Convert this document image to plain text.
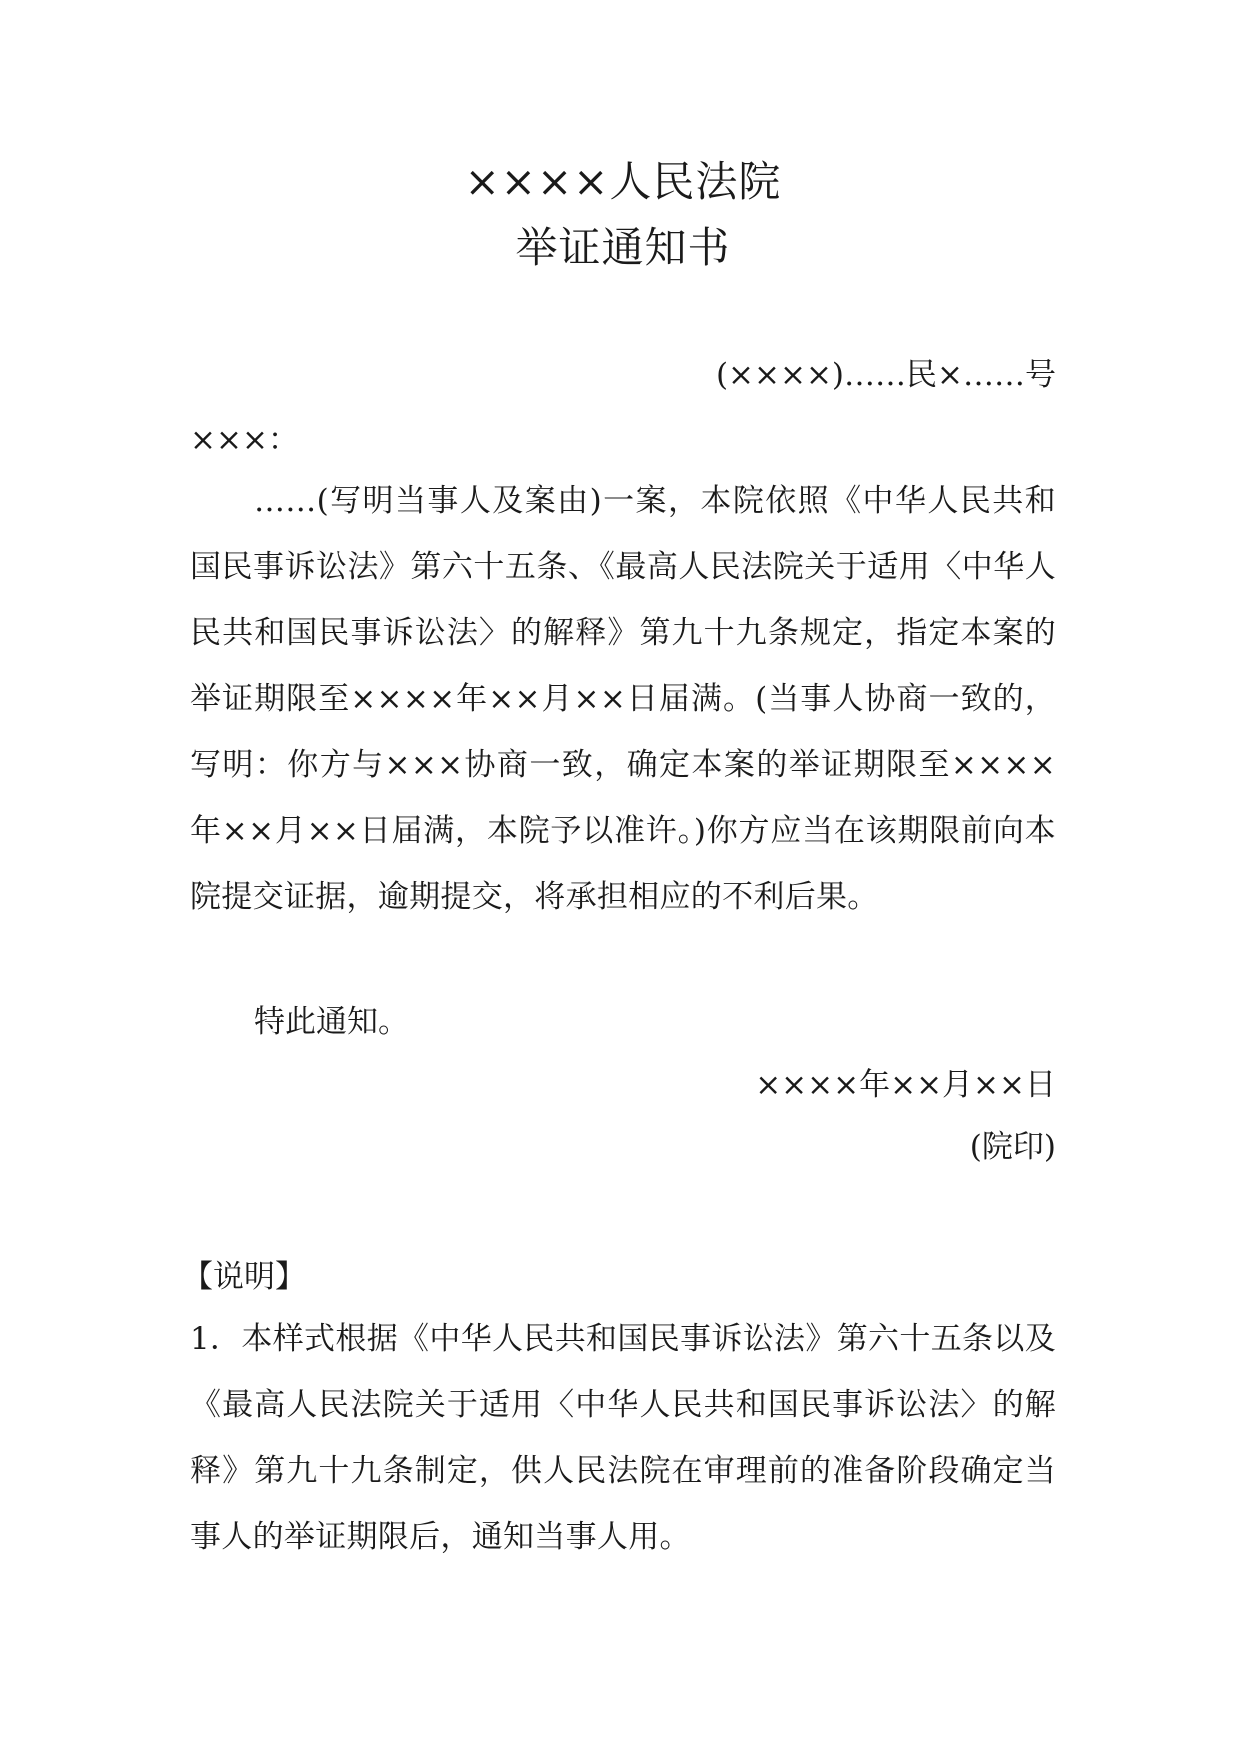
××××人民法院
举证通知书
(××××)……民×……号
×××：
……(写明当事人及案由)一案，本院依照《中华人民共和国民事诉讼法》第六十五条、《最高人民法院关于适用〈中华人民共和国民事诉讼法〉的解释》第九十九条规定，指定本案的举证期限至××××年××月××日届满。(当事人协商一致的，写明：你方与×××协商一致，确定本案的举证期限至××××年××月××日届满，本院予以准许。)你方应当在该期限前向本院提交证据，逾期提交，将承担相应的不利后果。
特此通知。
××××年××月××日
(院印)
【说明】
1．本样式根据《中华人民共和国民事诉讼法》第六十五条以及《最高人民法院关于适用〈中华人民共和国民事诉讼法〉的解释》第九十九条制定，供人民法院在审理前的准备阶段确定当事人的举证期限后，通知当事人用。
